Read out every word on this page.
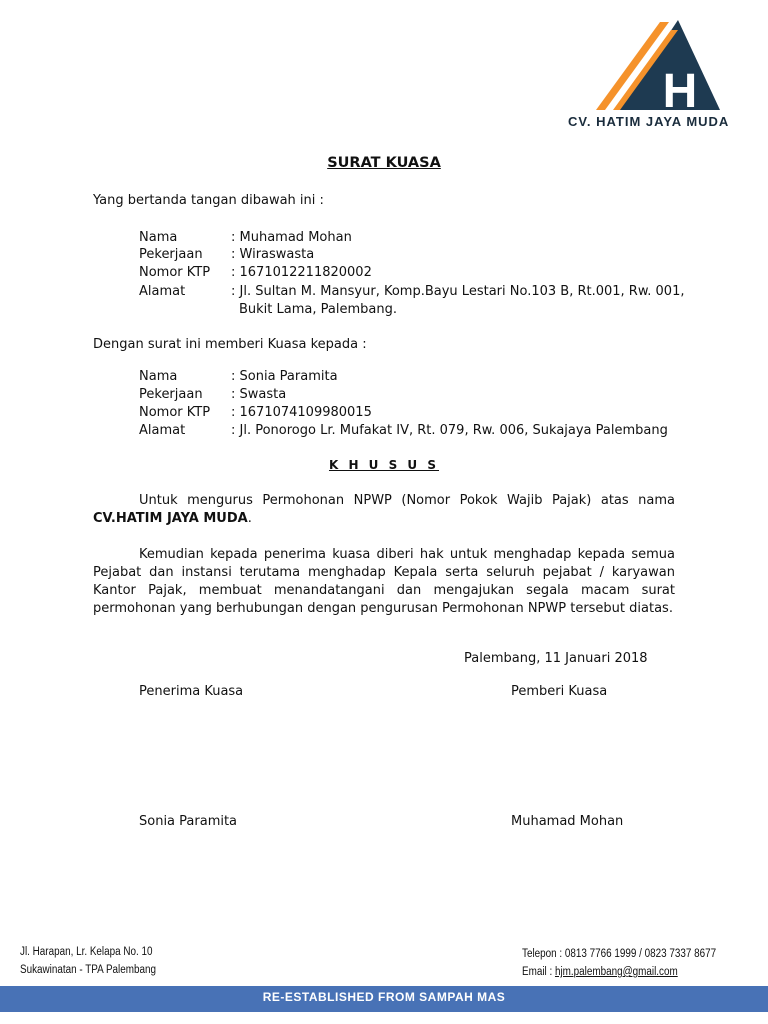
H
CV. HATIM JAYA MUDA
SURAT KUASA
Yang bertanda tangan dibawah ini :
Nama	: Muhamad Mohan
Pekerjaan : Wiraswasta
Nomor KTP : 1671012211820002
Alamat	: Jl. Sultan M. Mansyur, Komp.Bayu Lestari No.103 B, Rt.001, Rw. 001,
Bukit Lama, Palembang.
Dengan surat ini memberi Kuasa kepada :
Nama	: Sonia Paramita
Pekerjaan : Swasta
Nomor KTP : 1671074109980015
Alamat	: Jl. Ponorogo Lr. Mufakat IV, Rt. 079, Rw. 006, Sukajaya Palembang
K H U S U S
Untuk mengurus Permohonan NPWP (Nomor Pokok Wajib Pajak) atas nama CV.HATIM JAYA MUDA.
Kemudian kepada penerima kuasa diberi hak untuk menghadap kepada semua Pejabat dan instansi terutama menghadap Kepala serta seluruh pejabat / karyawan Kantor Pajak, membuat menandatangani dan mengajukan segala macam surat permohonan yang berhubungan dengan pengurusan Permohonan NPWP tersebut diatas.
Palembang, 11 Januari 2018
Penerima Kuasa	Pemberi Kuasa
Sonia Paramita	Muhamad Mohan
Jl. Harapan, Lr. Kelapa No. 10
Sukawinatan - TPA Palembang
Telepon : 0813 7766 1999 / 0823 7337 8677
Email : hjm.palembang@gmail.com
RE-ESTABLISHED FROM SAMPAH MAS
